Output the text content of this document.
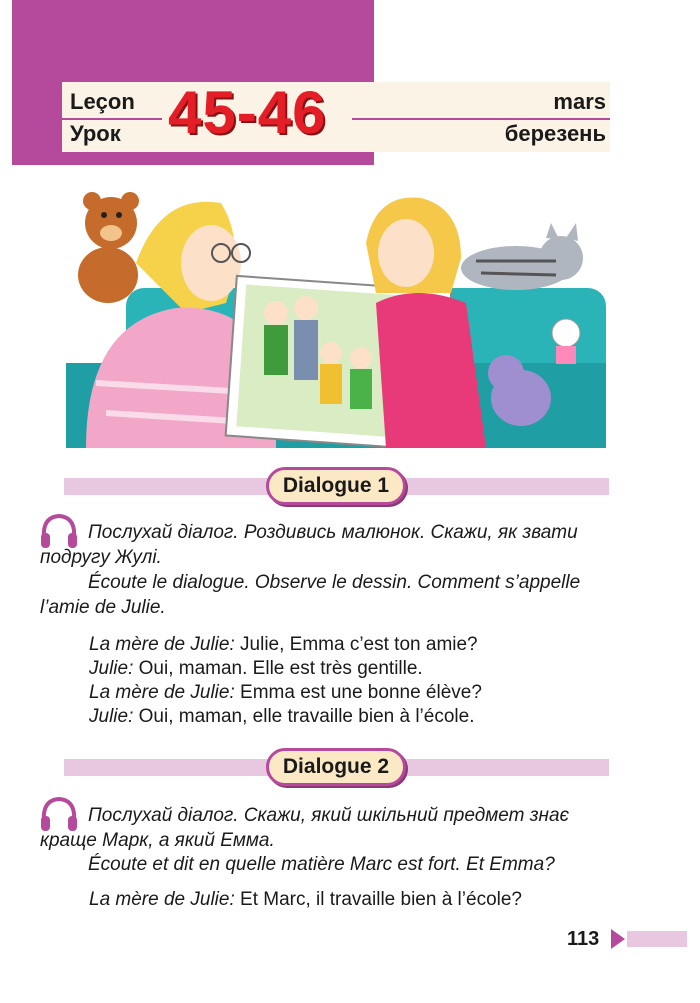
Leçon
Урок 45-46	mars
березень
Dialogue 1
Послухай діалог. Роздивись малюнок. Скажи, як звати
подругу Жулі.
Écoute le dialogue. Observe le dessin. Comment s’appelle
l’amie de Julie.
La mère de Julie: Julie, Emma c’est ton amie?
Julie: Oui, maman. Elle est très gentille.
La mère de Julie: Emma est une bonne élève?
Julie: Oui, maman, elle travaille bien à l’école.
Dialogue 2
Послухай діалог. Скажи, який шкільний предмет знає
краще Марк, а який Емма.
Écoute et dit en quelle matière Marc est fort. Et Emma?
La mère de Julie: Et Marc, il travaille bien à l’école?
113
